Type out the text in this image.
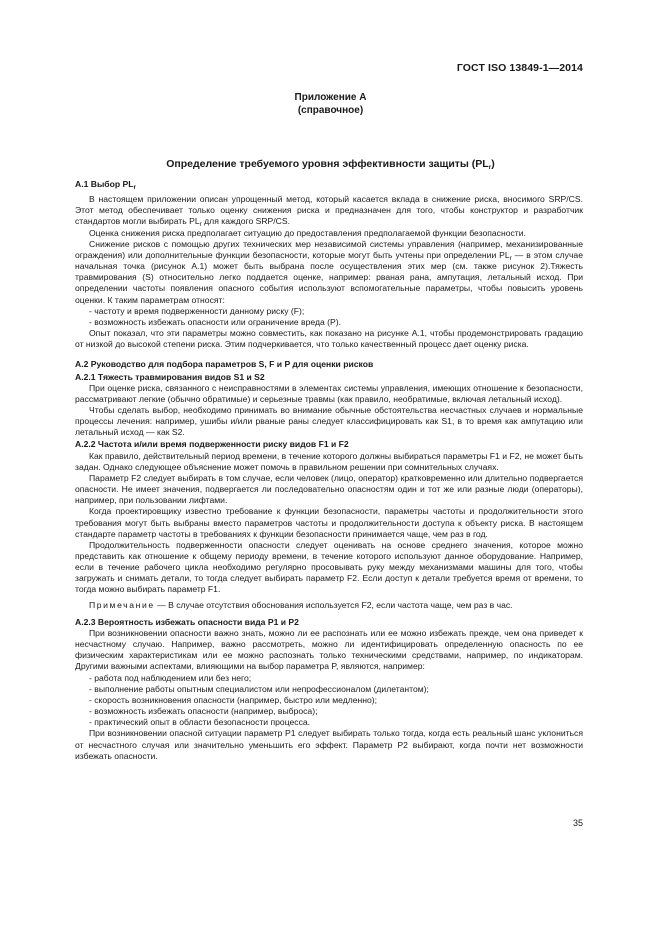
ГОСТ ISO 13849-1—2014
Приложение А
(справочное)
Определение требуемого уровня эффективности защиты $(PL_r)$
А.1 Выбор $PL_r$

В настоящем приложении описан упрощенный метод, который касается вклада в снижение риска, вносимого SRP/CS. Этот метод обеспечивает только оценку снижения риска и предназначен для того, чтобы конструктор и разработчик стандартов могли выбирать $PL_r$ для каждого SRP/CS.

Оценка снижения риска предполагает ситуацию до предоставления предполагаемой функции безопасности.

Снижение рисков с помощью других технических мер независимой системы управления (например, механизированные ограждения) или дополнительные функции безопасности, которые могут быть учтены при определении $PL_r$ — в этом случае начальная точка (рисунок А.1) может быть выбрана после осуществления этих мер (см. также рисунок 2).Тяжесть травмирования (S) относительно легко поддается оценке, например: рваная рана, ампутация, летальный исход. При определении частоты появления опасного события используют вспомогательные параметры, чтобы повысить уровень оценки. К таким параметрам относят:

- частоту и время подверженности данному риску (F);

- возможность избежать опасности или ограничение вреда (P).

Опыт показал, что эти параметры можно совместить, как показано на рисунке А.1, чтобы продемонстрировать градацию от низкой до высокой степени риска. Этим подчеркивается, что только качественный процесс дает оценку риска.

А.2 Руководство для подбора параметров S, F и P для оценки рисков
А.2.1 Тяжесть травмирования видов S1 и S2

При оценке риска, связанного с неисправностями в элементах системы управления, имеющих отношение к безопасности, рассматривают легкие (обычно обратимые) и серьезные травмы (как правило, необратимые, включая летальный исход).

Чтобы сделать выбор, необходимо принимать во внимание обычные обстоятельства несчастных случаев и нормальные процессы лечения: например, ушибы и/или рваные раны следует классифицировать как S1, в то время как ампутацию или летальный исход — как S2.

А.2.2 Частота и/или время подверженности риску видов F1 и F2

Как правило, действительный период времени, в течение которого должны выбираться параметры F1 и F2, не может быть задан. Однако следующее объяснение может помочь в правильном решении при сомнительных случаях.

Параметр F2 следует выбирать в том случае, если человек (лицо, оператор) кратковременно или длительно подвергается опасности. Не имеет значения, подвергается ли последовательно опасностям один и тот же или разные люди (операторы), например, при пользовании лифтами.

Когда проектировщику известно требование к функции безопасности, параметры частоты и продолжительности этого требования могут быть выбраны вместо параметров частоты и продолжительности доступа к объекту риска. В настоящем стандарте параметр частоты в требованиях к функции безопасности принимается чаще, чем раз в год.

Продолжительность подверженности опасности следует оценивать на основе среднего значения, которое можно представить как отношение к общему периоду времени, в течение которого используют данное оборудование. Например, если в течение рабочего цикла необходимо регулярно просовывать руку между механизмами машины для того, чтобы загружать и снимать детали, то тогда следует выбирать параметр F2. Если доступ к детали требуется время от времени, то тогда можно выбирать параметр F1.

Примечание — В случае отсутствия обоснования используется F2, если частота чаще, чем раз в час.

А.2.3 Вероятность избежать опасности вида P1 и P2

При возникновении опасности важно знать, можно ли ее распознать или ее можно избежать прежде, чем она приведет к несчастному случаю. Например, важно рассмотреть, можно ли идентифицировать определенную опасность по ее физическим характеристикам или ее можно распознать только техническими средствами, например, по индикаторам. Другими важными аспектами, влияющими на выбор параметра P, являются, например:

- работа под наблюдением или без него;

- выполнение работы опытным специалистом или непрофессионалом (дилетантом);

- скорость возникновения опасности (например, быстро или медленно);

- возможность избежать опасности (например, выброса);

- практический опыт в области безопасности процесса.

При возникновении опасной ситуации параметр P1 следует выбирать только тогда, когда есть реальный шанс уклониться от несчастного случая или значительно уменьшить его эффект. Параметр P2 выбирают, когда почти нет возможности избежать опасности.

35
